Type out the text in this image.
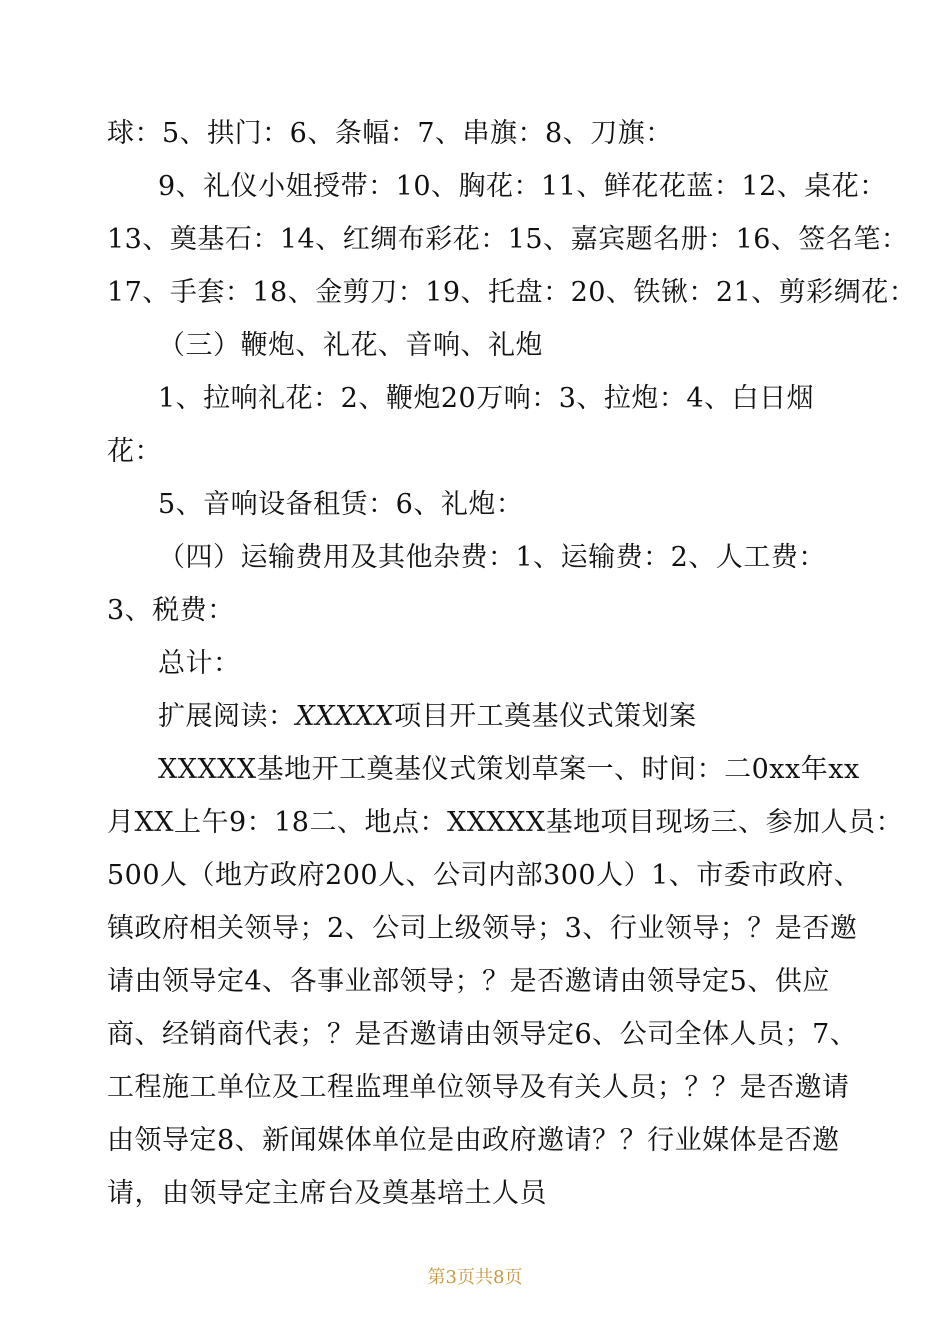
球：5、拱门：6、条幅：7、串旗：8、刀旗：
9、礼仪小姐授带：10、胸花：11、鲜花花蓝：12、桌花：
13、奠基石：14、红绸布彩花：15、嘉宾题名册：16、签名笔：
17、手套：18、金剪刀：19、托盘：20、铁锹：21、剪彩绸花：
（三）鞭炮、礼花、音响、礼炮
1、拉响礼花：2、鞭炮20万响：3、拉炮：4、白日烟
花：
5、音响设备租赁：6、礼炮：
（四）运输费用及其他杂费：1、运输费：2、人工费：
3、税费：
总计：
扩展阅读：XXXXX项目开工奠基仪式策划案
XXXXX基地开工奠基仪式策划草案一、时间：二0xx年xx
月XX上午9：18二、地点：XXXXX基地项目现场三、参加人员：
500人（地方政府200人、公司内部300人）1、市委市政府、
镇政府相关领导；2、公司上级领导；3、行业领导；？是否邀
请由领导定4、各事业部领导；？是否邀请由领导定5、供应
商、经销商代表；？是否邀请由领导定6、公司全体人员；7、
工程施工单位及工程监理单位领导及有关人员；？？是否邀请
由领导定8、新闻媒体单位是由政府邀请？？行业媒体是否邀
请，由领导定主席台及奠基培土人员
第3页共8页
